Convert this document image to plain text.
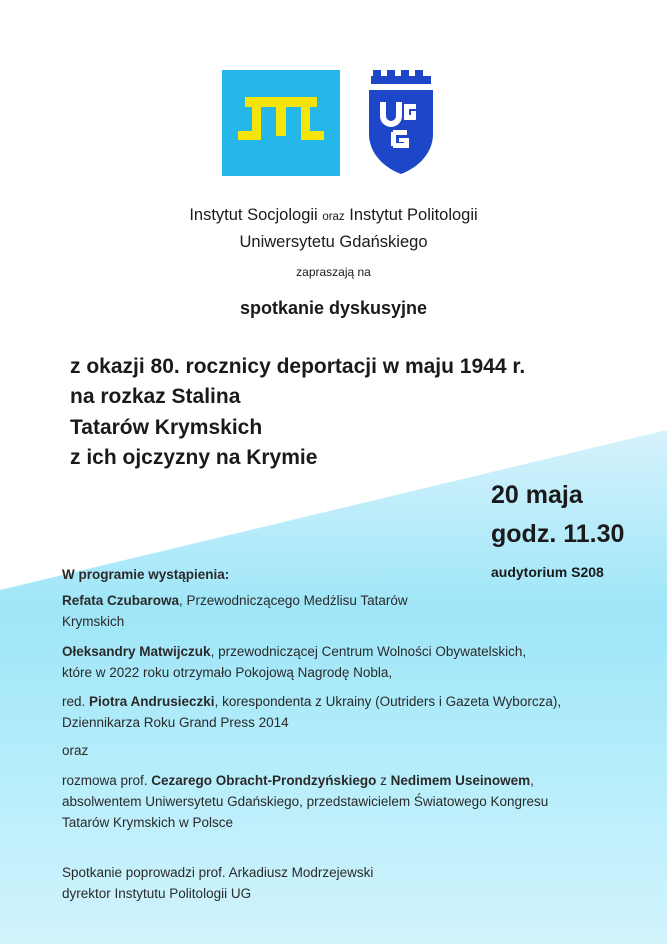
Instytut Socjologii oraz Instytut Politologii
Uniwersytetu Gdańskiego
zapraszają na
spotkanie dyskusyjne
z okazji 80. rocznicy deportacji w maju 1944 r.
na rozkaz Stalina
Tatarów Krymskich
z ich ojczyzny na Krymie
20 maja
godz. 11.30
audytorium S208
W programie wystąpienia:
Refata Czubarowa, Przewodniczącego Medżlisu Tatarów
Krymskich
Ołeksandry Matwijczuk, przewodniczącej Centrum Wolności Obywatelskich,
które w 2022 roku otrzymało Pokojową Nagrodę Nobla,
red. Piotra Andrusieczki, korespondenta z Ukrainy (Outriders i Gazeta Wyborcza),
Dziennikarza Roku Grand Press 2014
oraz
rozmowa prof. Cezarego Obracht-Prondzyńskiego z Nedimem Useinowem,
absolwentem Uniwersytetu Gdańskiego, przedstawicielem Światowego Kongresu
Tatarów Krymskich w Polsce
Spotkanie poprowadzi prof. Arkadiusz Modrzejewski
dyrektor Instytutu Politologii UG
